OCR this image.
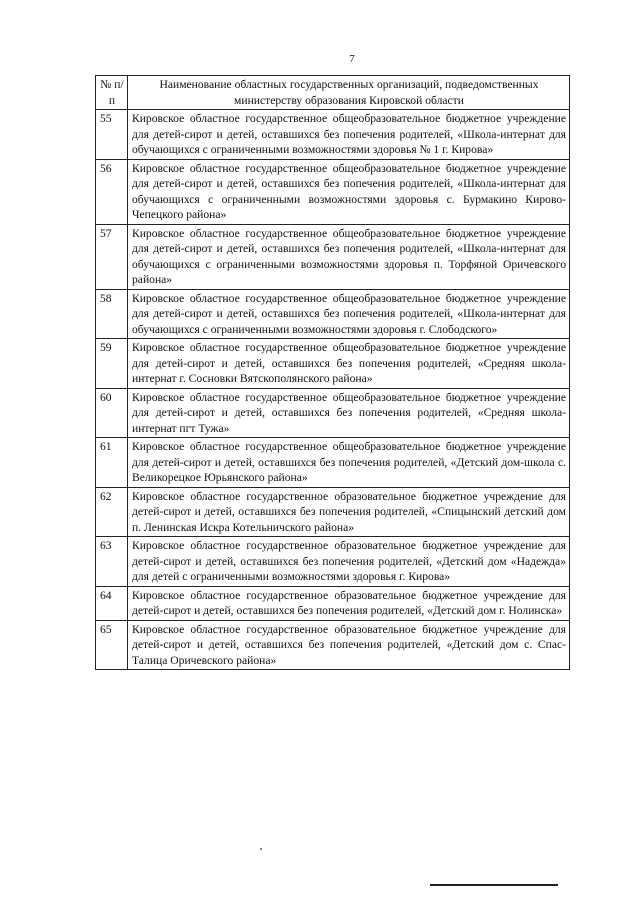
7
№ п/п	Наименование областных государственных организаций, подведомственных министерству образования Кировской области
55	Кировское областное государственное общеобразовательное бюджетное учреждение для детей-сирот и детей, оставшихся без попечения родителей, «Школа-интернат для обучающихся с ограниченными возможностями здоровья № 1 г. Кирова»
56	Кировское областное государственное общеобразовательное бюджетное учреждение для детей-сирот и детей, оставшихся без попечения родителей, «Школа-интернат для обучающихся с ограниченными возможностями здоровья с. Бурмакино Кирово-Чепецкого района»
57	Кировское областное государственное общеобразовательное бюджетное учреждение для детей-сирот и детей, оставшихся без попечения родителей, «Школа-интернат для обучающихся с ограниченными возможностями здоровья п. Торфяной Оричевского района»
58	Кировское областное государственное общеобразовательное бюджетное учреждение для детей-сирот и детей, оставшихся без попечения родителей, «Школа-интернат для обучающихся с ограниченными возможностями здоровья г. Слободского»
59	Кировское областное государственное общеобразовательное бюджетное учреждение для детей-сирот и детей, оставшихся без попечения родителей, «Средняя школа-интернат г. Сосновки Вятскополянского района»
60	Кировское областное государственное общеобразовательное бюджетное учреждение для детей-сирот и детей, оставшихся без попечения родителей, «Средняя школа-интернат пгт Тужа»
61	Кировское областное государственное общеобразовательное бюджетное учреждение для детей-сирот и детей, оставшихся без попечения родителей, «Детский дом-школа с. Великорецкое Юрьянского района»
62	Кировское областное государственное образовательное бюджетное учреждение для детей-сирот и детей, оставшихся без попечения родителей, «Спицынский детский дом п. Ленинская Искра Котельничского района»
63	Кировское областное государственное образовательное бюджетное учреждение для детей-сирот и детей, оставшихся без попечения родителей, «Детский дом «Надежда» для детей с ограниченными возможностями здоровья г. Кирова»
64	Кировское областное государственное образовательное бюджетное учреждение для детей-сирот и детей, оставшихся без попечения родителей, «Детский дом г. Нолинска»
65	Кировское областное государственное образовательное бюджетное учреждение для детей-сирот и детей, оставшихся без попечения родителей, «Детский дом с. Спас-Талица Оричевского района»
